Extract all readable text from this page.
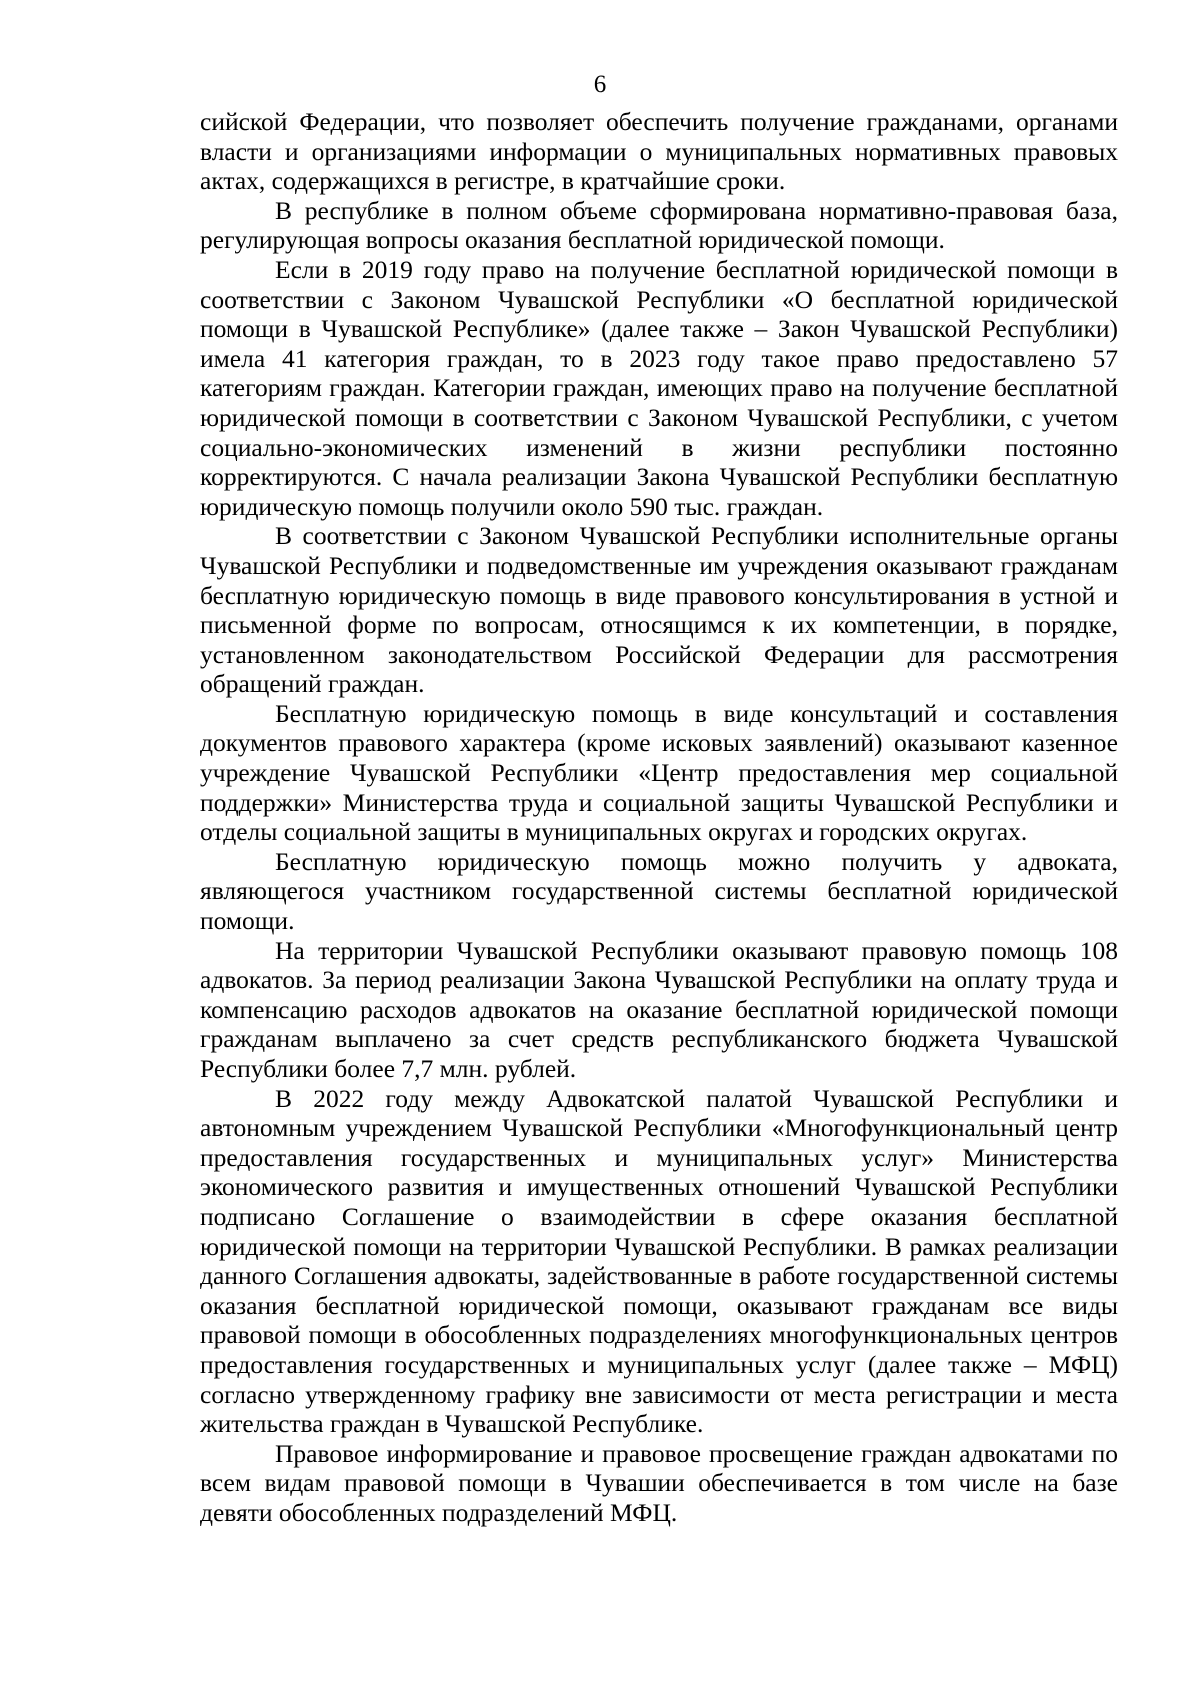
6

сийской Федерации, что позволяет обеспечить получение гражданами, органами власти и организациями информации о муниципальных нормативных правовых актах, содержащихся в регистре, в кратчайшие сроки.

В республике в полном объеме сформирована нормативно-правовая база, регулирующая вопросы оказания бесплатной юридической помощи.

Если в 2019 году право на получение бесплатной юридической помощи в соответствии с Законом Чувашской Республики «О бесплатной юридической помощи в Чувашской Республике» (далее также – Закон Чувашской Республики) имела 41 категория граждан, то в 2023 году такое право предоставлено 57 категориям граждан. Категории граждан, имеющих право на получение бесплатной юридической помощи в соответствии с Законом Чувашской Республики, с учетом социально-экономических изменений в жизни республики постоянно корректируются. С начала реализации Закона Чувашской Республики бесплатную юридическую помощь получили около 590 тыс. граждан.

В соответствии с Законом Чувашской Республики исполнительные органы Чувашской Республики и подведомственные им учреждения оказывают гражданам бесплатную юридическую помощь в виде правового консультирования в устной и письменной форме по вопросам, относящимся к их компетенции, в порядке, установленном законодательством Российской Федерации для рассмотрения обращений граждан.

Бесплатную юридическую помощь в виде консультаций и составления документов правового характера (кроме исковых заявлений) оказывают казенное учреждение Чувашской Республики «Центр предоставления мер социальной поддержки» Министерства труда и социальной защиты Чувашской Республики и отделы социальной защиты в муниципальных округах и городских округах.

Бесплатную юридическую помощь можно получить у адвоката, являющегося участником государственной системы бесплатной юридической помощи.

На территории Чувашской Республики оказывают правовую помощь 108 адвокатов. За период реализации Закона Чувашской Республики на оплату труда и компенсацию расходов адвокатов на оказание бесплатной юридической помощи гражданам выплачено за счет средств республиканского бюджета Чувашской Республики более 7,7 млн. рублей.

В 2022 году между Адвокатской палатой Чувашской Республики и автономным учреждением Чувашской Республики «Многофункциональный центр предоставления государственных и муниципальных услуг» Министерства экономического развития и имущественных отношений Чувашской Республики подписано Соглашение о взаимодействии в сфере оказания бесплатной юридической помощи на территории Чувашской Республики. В рамках реализации данного Соглашения адвокаты, задействованные в работе государственной системы оказания бесплатной юридической помощи, оказывают гражданам все виды правовой помощи в обособленных подразделениях многофункциональных центров предоставления государственных и муниципальных услуг (далее также – МФЦ) согласно утвержденному графику вне зависимости от места регистрации и места жительства граждан в Чувашской Республике.

Правовое информирование и правовое просвещение граждан адвокатами по всем видам правовой помощи в Чувашии обеспечивается в том числе на базе девяти обособленных подразделений МФЦ.
